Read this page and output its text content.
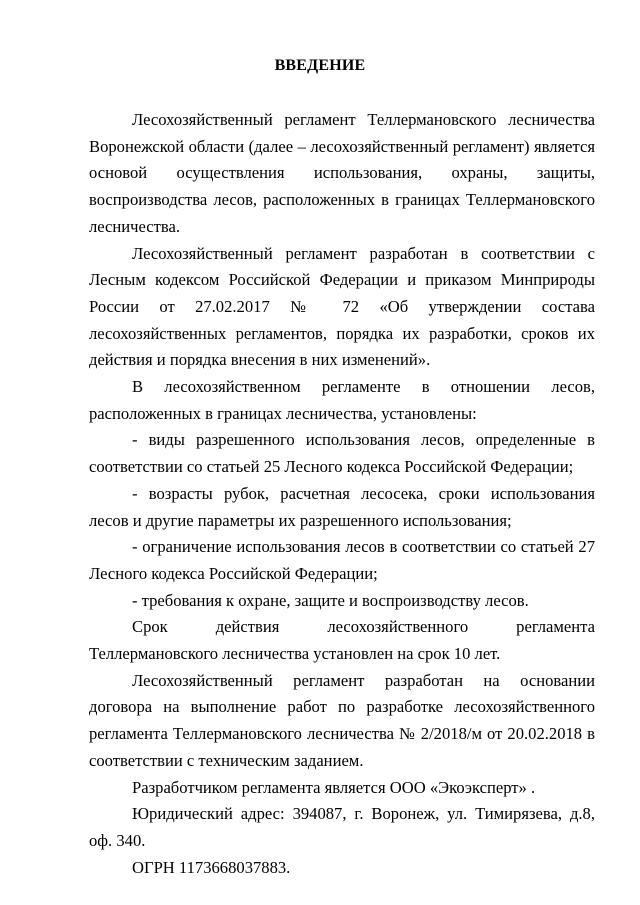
ВВЕДЕНИЕ

Лесохозяйственный регламент Теллермановского лесничества Воронежской области (далее – лесохозяйственный регламент) является основой осуществления использования, охраны, защиты, воспроизводства лесов, расположенных в границах Теллермановского лесничества.

Лесохозяйственный регламент разработан в соответствии с Лесным кодексом Российской Федерации и приказом Минприроды России от 27.02.2017 № 72 «Об утверждении состава лесохозяйственных регламентов, порядка их разработки, сроков их действия и порядка внесения в них изменений».

В лесохозяйственном регламенте в отношении лесов, расположенных в границах лесничества, установлены:

- виды разрешенного использования лесов, определенные в соответствии со статьей 25 Лесного кодекса Российской Федерации;

- возрасты рубок, расчетная лесосека, сроки использования лесов и другие параметры их разрешенного использования;

- ограничение использования лесов в соответствии со статьей 27 Лесного кодекса Российской Федерации;

- требования к охране, защите и воспроизводству лесов.

Срок действия лесохозяйственного регламента Теллермановского лесничества установлен на срок 10 лет.

Лесохозяйственный регламент разработан на основании договора на выполнение работ по разработке лесохозяйственного регламента Теллермановского лесничества № 2/2018/м от 20.02.2018 в соответствии с техническим заданием.

Разработчиком регламента является ООО «Экоэксперт» .

Юридический адрес: 394087, г. Воронеж, ул. Тимирязева, д.8, оф. 340.

ОГРН 1173668037883.
